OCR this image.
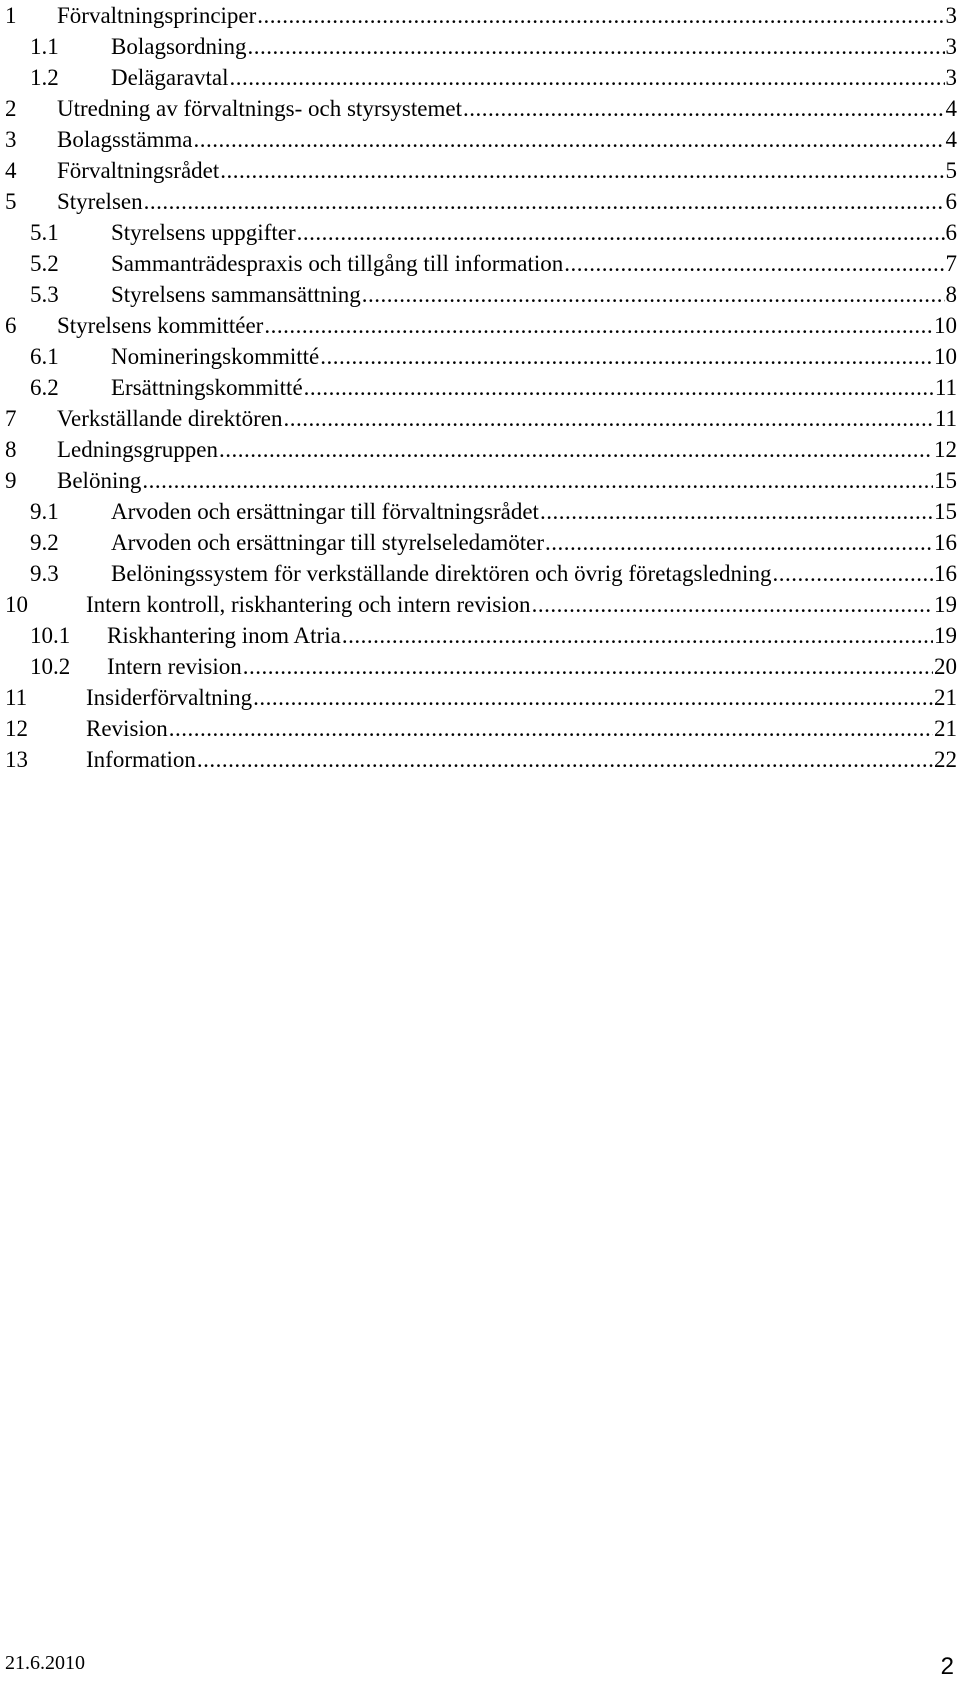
1	Förvaltningsprinciper .....	3
1.1	Bolagsordning .....	3
1.2	Delägaravtal .....	3
2	Utredning av förvaltnings- och styrsystemet .....	4
3	Bolagsstämma .....	4
4	Förvaltningsrådet .....	5
5	Styrelsen .....	6
5.1	Styrelsens uppgifter .....	6
5.2	Sammanträdespraxis och tillgång till information .....	7
5.3	Styrelsens sammansättning .....	8
6	Styrelsens kommittéer .....	10
6.1	Nomineringskommitté .....	10
6.2	Ersättningskommitté .....	11
7	Verkställande direktören .....	11
8	Ledningsgruppen .....	12
9	Belöning .....	15
9.1	Arvoden och ersättningar till förvaltningsrådet .....	15
9.2	Arvoden och ersättningar till styrelseledamöter .....	16
9.3	Belöningssystem för verkställande direktören och övrig företagsledning .....	16
10	Intern kontroll, riskhantering och intern revision .....	19
10.1	Riskhantering inom Atria .....	19
10.2	Intern revision .....	20
11	Insiderförvaltning .....	21
12	Revision .....	21
13	Information .....	22
21.6.2010	2
